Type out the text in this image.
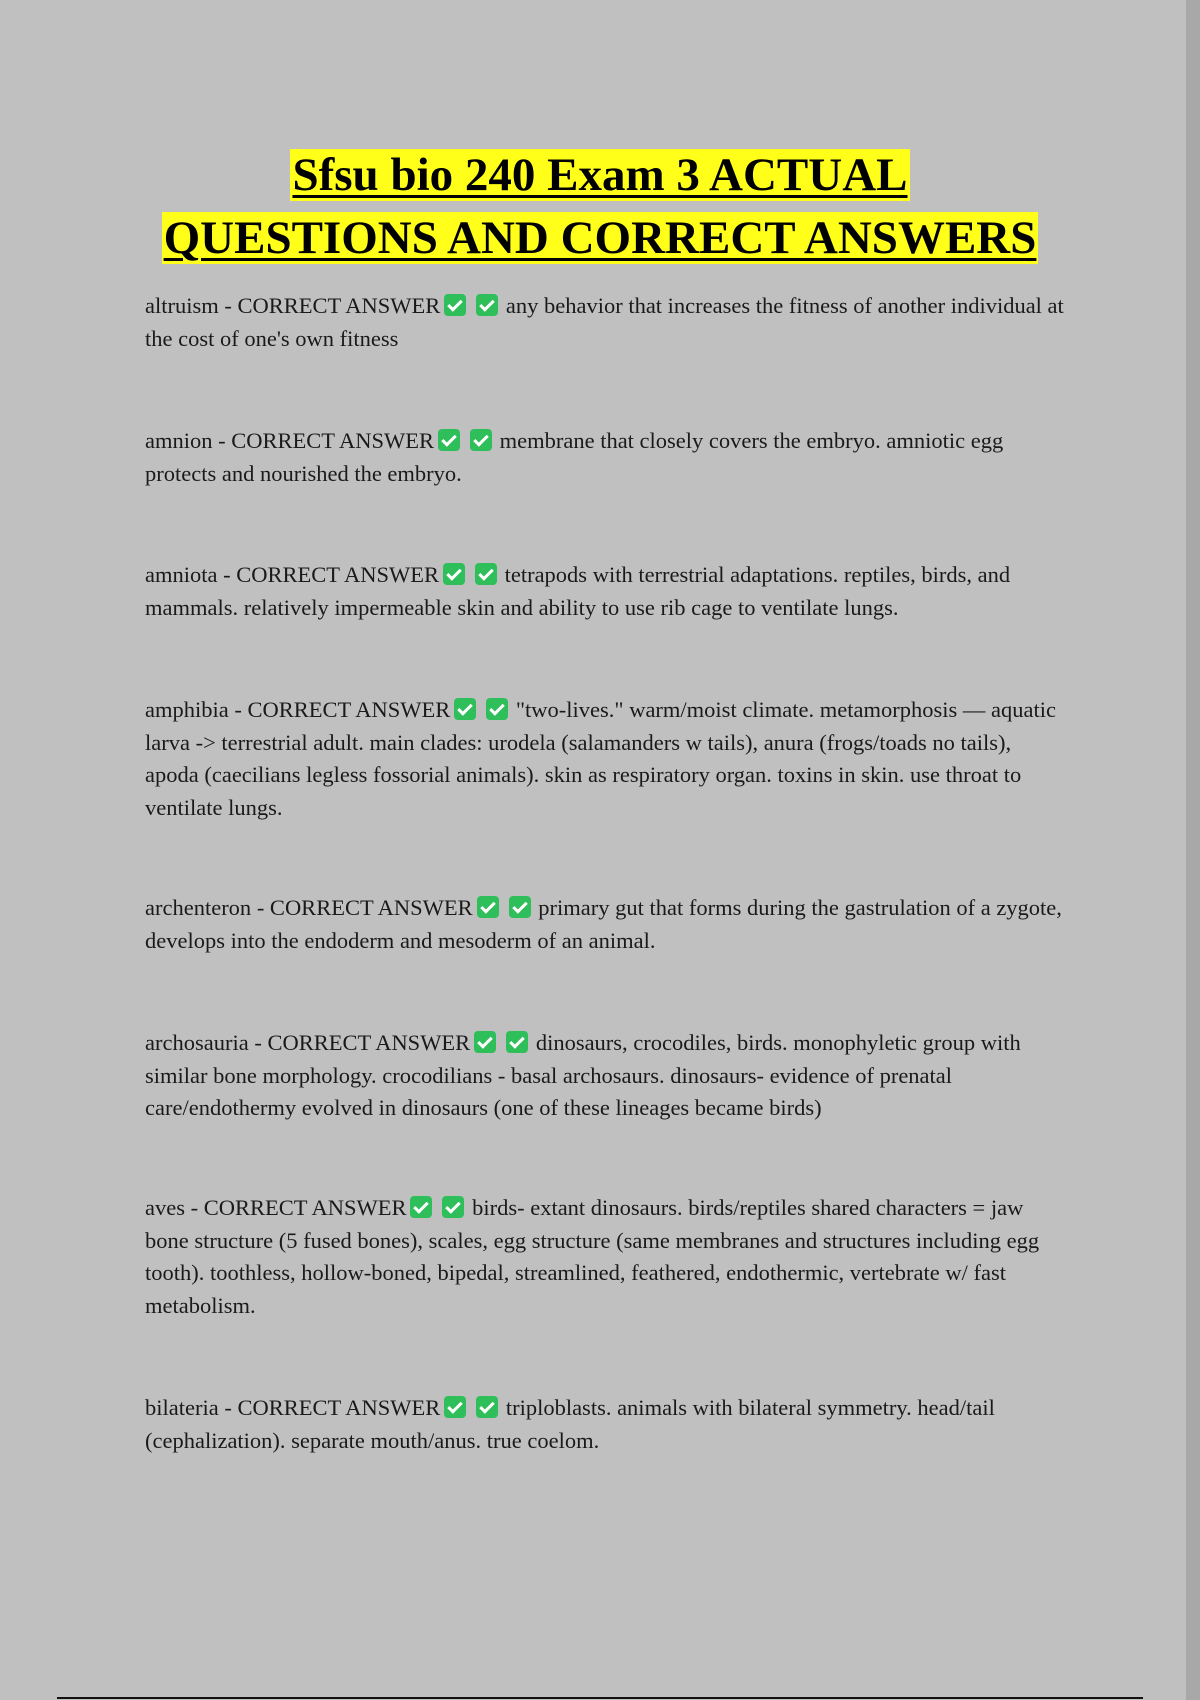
Sfsu bio 240 Exam 3 ACTUAL
QUESTIONS AND CORRECT ANSWERS
altruism - CORRECT ANSWER	any behavior that increases the fitness of another individual at the cost of one's own fitness
amnion - CORRECT ANSWER	membrane that closely covers the embryo. amniotic egg protects and nourished the embryo.
amniota - CORRECT ANSWER	tetrapods with terrestrial adaptations. reptiles, birds, and mammals. relatively impermeable skin and ability to use rib cage to ventilate lungs.
amphibia - CORRECT ANSWER	"two-lives." warm/moist climate. metamorphosis — aquatic larva -> terrestrial adult. main clades: urodela (salamanders w tails), anura (frogs/toads no tails), apoda (caecilians legless fossorial animals). skin as respiratory organ. toxins in skin. use throat to ventilate lungs.
archenteron - CORRECT ANSWER	primary gut that forms during the gastrulation of a zygote, develops into the endoderm and mesoderm of an animal.
archosauria - CORRECT ANSWER	dinosaurs, crocodiles, birds. monophyletic group with similar bone morphology. crocodilians - basal archosaurs. dinosaurs- evidence of prenatal care/endothermy evolved in dinosaurs (one of these lineages became birds)
aves - CORRECT ANSWER	birds- extant dinosaurs. birds/reptiles shared characters = jaw bone structure (5 fused bones), scales, egg structure (same membranes and structures including egg tooth). toothless, hollow-boned, bipedal, streamlined, feathered, endothermic, vertebrate w/ fast metabolism.
bilateria - CORRECT ANSWER	triploblasts. animals with bilateral symmetry. head/tail (cephalization). separate mouth/anus. true coelom.
